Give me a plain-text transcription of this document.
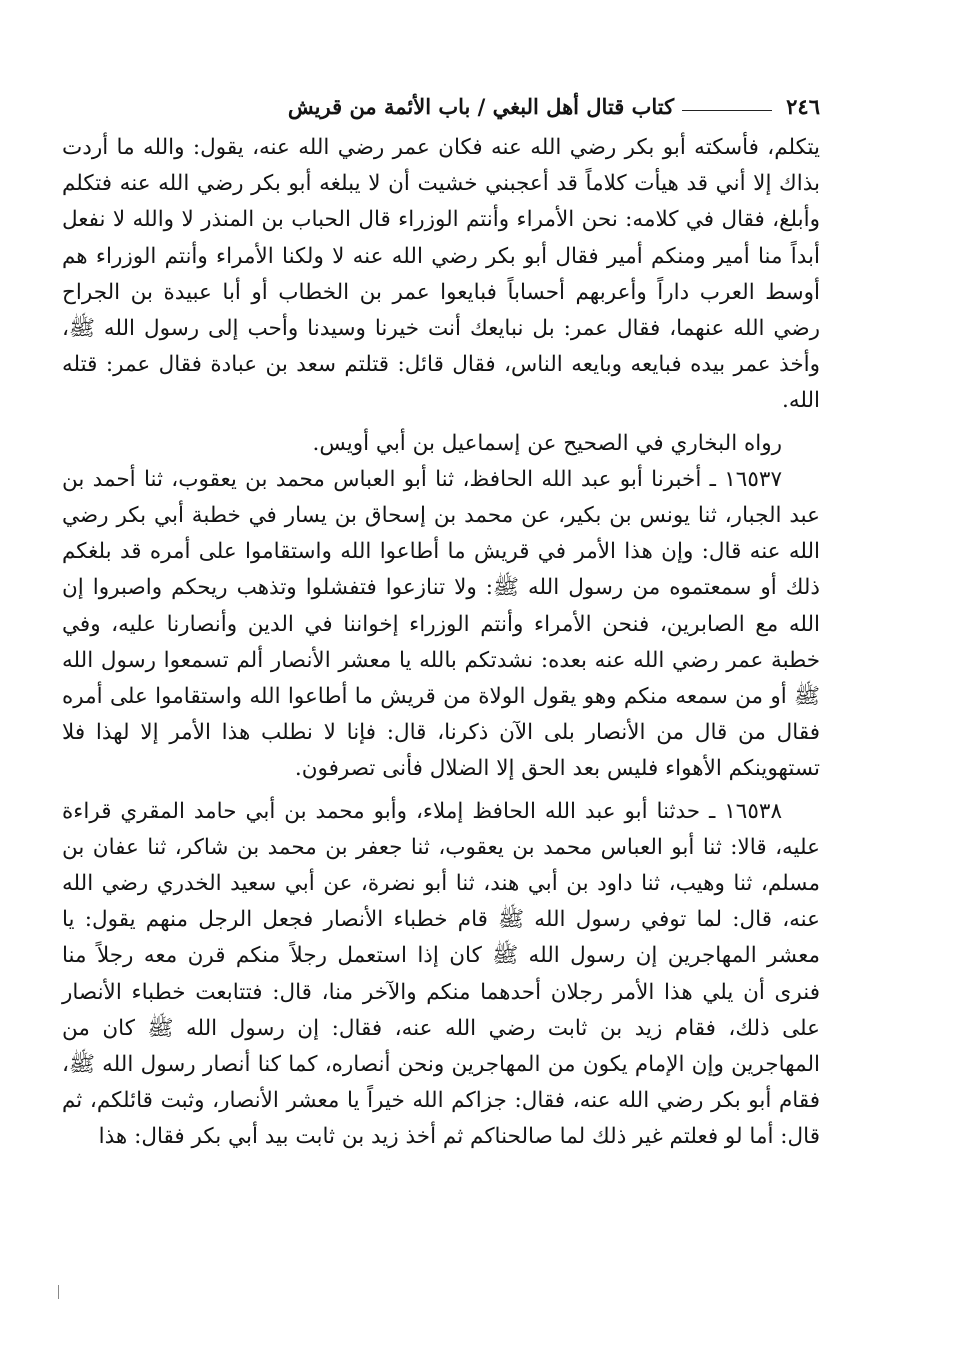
٢٤٦
كتاب قتال أهل البغي / باب الأئمة من قريش

يتكلم، فأسكته أبو بكر رضي الله عنه فكان عمر رضي الله عنه، يقول: والله ما أردت بذاك إلا أني قد هيأت كلاماً قد أعجبني خشيت أن لا يبلغه أبو بكر رضي الله عنه فتكلم وأبلغ، فقال في كلامه: نحن الأمراء وأنتم الوزراء قال الحباب بن المنذر لا والله لا نفعل أبداً منا أمير ومنكم أمير فقال أبو بكر رضي الله عنه لا ولكنا الأمراء وأنتم الوزراء هم أوسط العرب داراً وأعربهم أحساباً فبايعوا عمر بن الخطاب أو أبا عبيدة بن الجراح رضي الله عنهما، فقال عمر: بل نبايعك أنت خيرنا وسيدنا وأحب إلى رسول الله ﷺ، وأخذ عمر بيده فبايعه وبايعه الناس، فقال قائل: قتلتم سعد بن عبادة فقال عمر: قتله الله.

رواه البخاري في الصحيح عن إسماعيل بن أبي أويس.

١٦٥٣٧ ـ أخبرنا أبو عبد الله الحافظ، ثنا أبو العباس محمد بن يعقوب، ثنا أحمد بن عبد الجبار، ثنا يونس بن بكير، عن محمد بن إسحاق بن يسار في خطبة أبي بكر رضي الله عنه قال: وإن هذا الأمر في قريش ما أطاعوا الله واستقاموا على أمره قد بلغكم ذلك أو سمعتموه من رسول الله ﷺ: ولا تنازعوا فتفشلوا وتذهب ريحكم واصبروا إن الله مع الصابرين، فنحن الأمراء وأنتم الوزراء إخواننا في الدين وأنصارنا عليه، وفي خطبة عمر رضي الله عنه بعده: نشدتكم بالله يا معشر الأنصار ألم تسمعوا رسول الله ﷺ أو من سمعه منكم وهو يقول الولاة من قريش ما أطاعوا الله واستقاموا على أمره فقال من قال من الأنصار بلى الآن ذكرنا، قال: فإنا لا نطلب هذا الأمر إلا لهذا فلا تستهوينكم الأهواء فليس بعد الحق إلا الضلال فأنى تصرفون.

١٦٥٣٨ ـ حدثنا أبو عبد الله الحافظ إملاء، وأبو محمد بن أبي حامد المقري قراءة عليه، قالا: ثنا أبو العباس محمد بن يعقوب، ثنا جعفر بن محمد بن شاكر، ثنا عفان بن مسلم، ثنا وهيب، ثنا داود بن أبي هند، ثنا أبو نضرة، عن أبي سعيد الخدري رضي الله عنه، قال: لما توفي رسول الله ﷺ قام خطباء الأنصار فجعل الرجل منهم يقول: يا معشر المهاجرين إن رسول الله ﷺ كان إذا استعمل رجلاً منكم قرن معه رجلاً منا فنرى أن يلي هذا الأمر رجلان أحدهما منكم والآخر منا، قال: فتتابعت خطباء الأنصار على ذلك، فقام زيد بن ثابت رضي الله عنه، فقال: إن رسول الله ﷺ كان من المهاجرين وإن الإمام يكون من المهاجرين ونحن أنصاره، كما كنا أنصار رسول الله ﷺ، فقام أبو بكر رضي الله عنه، فقال: جزاكم الله خيراً يا معشر الأنصار، وثبت قائلكم، ثم قال: أما لو فعلتم غير ذلك لما صالحناكم ثم أخذ زيد بن ثابت بيد أبي بكر فقال: هذا
